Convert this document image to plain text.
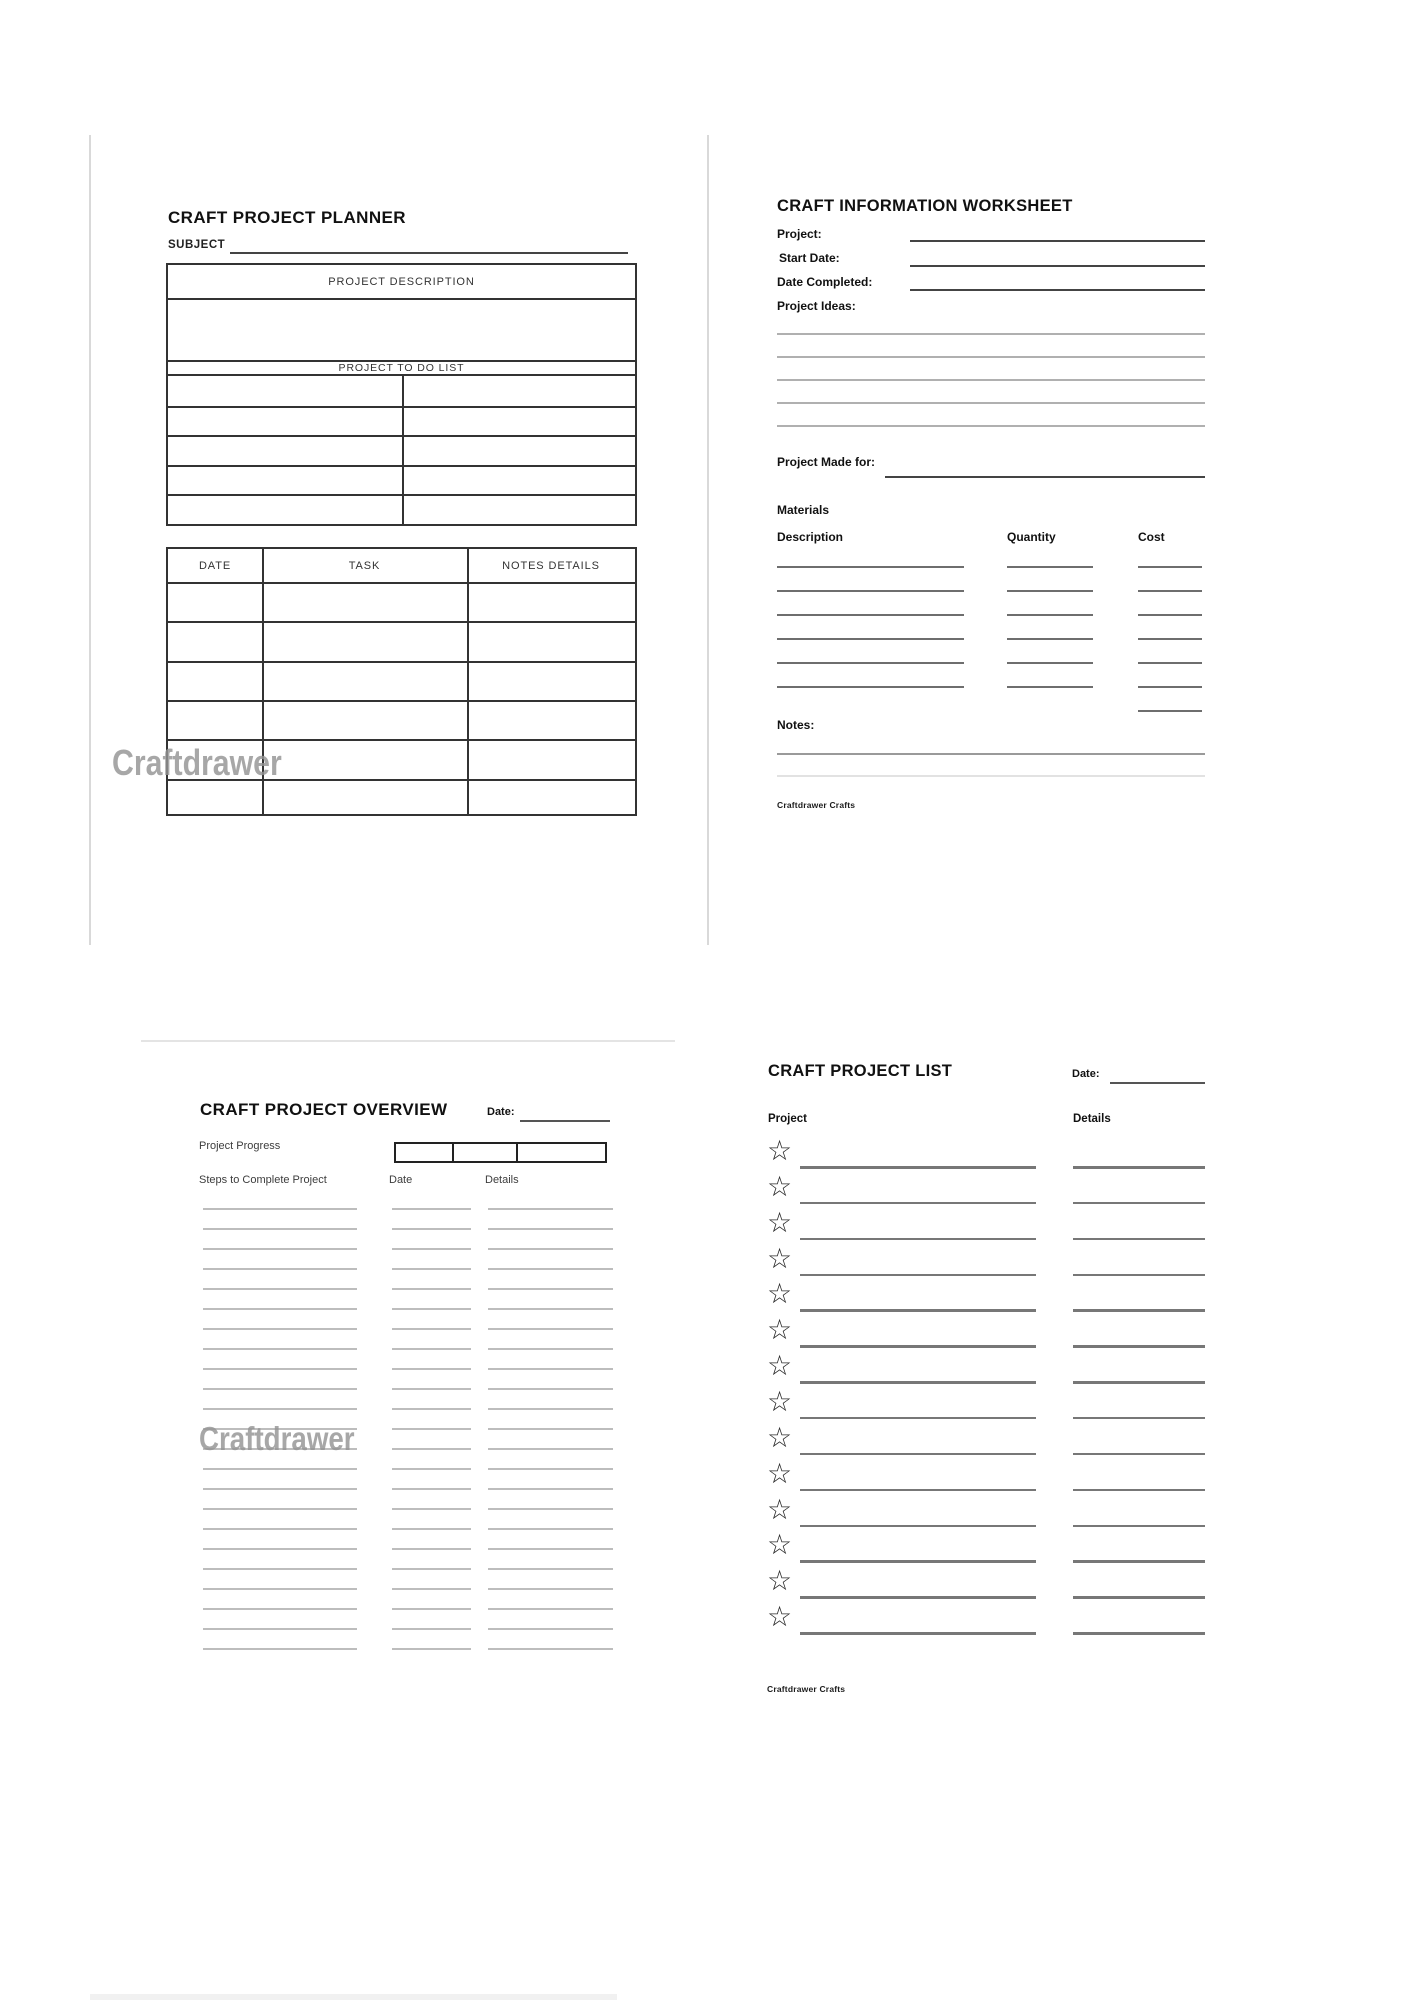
CRAFT PROJECT PLANNER
SUBJECT
PROJECT DESCRIPTION
PROJECT TO DO LIST
DATE	TASK	NOTES DETAILS
Craftdrawer
CRAFT INFORMATION WORKSHEET
Project:
Start Date:
Date Completed:
Project Ideas:
Project Made for:
Materials
Description	Quantity	Cost
Notes:
Craftdrawer Crafts
CRAFT PROJECT OVERVIEW	Date:
Project Progress
Steps to Complete Project	Date	Details
Craftdrawer
CRAFT PROJECT LIST	Date:
Project	Details
☆
☆
☆
☆
☆
☆
☆
☆
☆
☆
☆
☆
☆
☆
Craftdrawer Crafts
